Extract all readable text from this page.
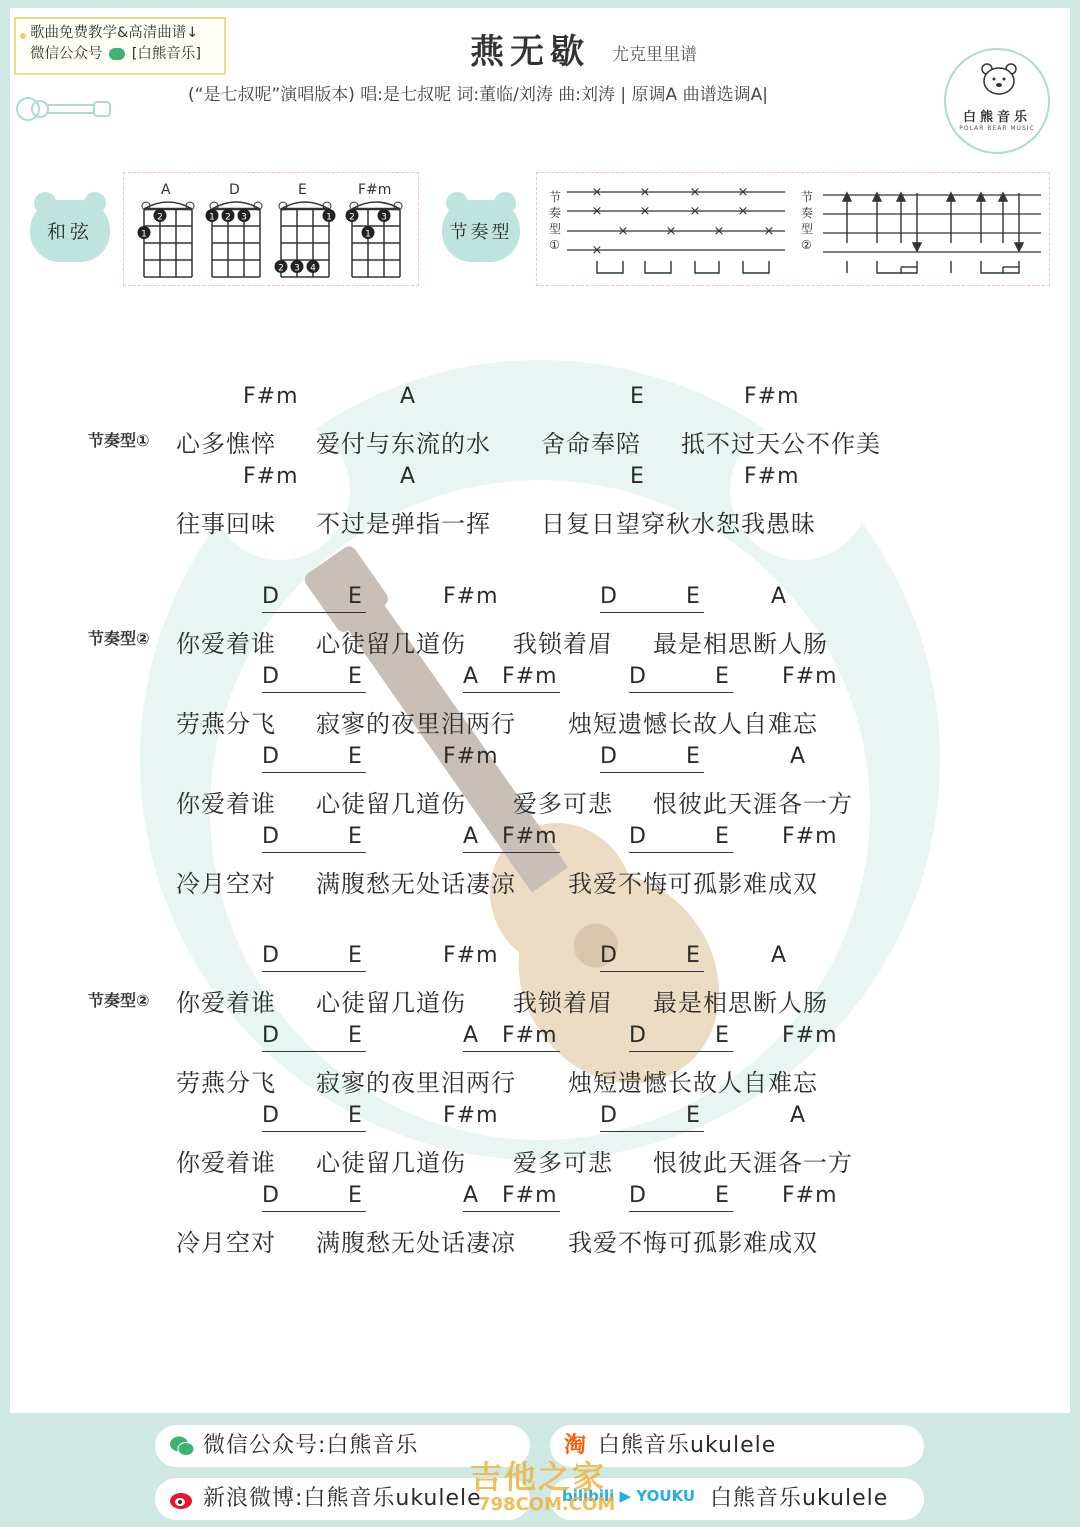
歌曲免费教学&高清曲谱↓
微信公众号 [白熊音乐]	燕无歇 尤克里里谱
(“是七叔呢”演唱版本) 唱:是七叔呢 词:董临/刘涛 曲:刘涛 | 原调A 曲谱选调A|
白熊音乐
POLAR BEAR MUSIC
和弦
2
1
1 2 3	1
2 3 4
2
1
3
A	D	E	F#m
节奏型
节
奏
型
①
节
奏
型
②
×	×	×	×
×	×	×	×
×	×	×	×
×
节奏型①
F#m	A	E	F#m
心多憔悴 爱付与东流的水 舍命奉陪 抵不过天公不作美
F#m	A	E	F#m
往事回味 不过是弹指一挥 日复日望穿秋水恕我愚昧
节奏型②
D	E	F#m	D	E	A
你爱着谁 心徒留几道伤 我锁着眉 最是相思断人肠
D	E	A F#m	D	E F#m
劳燕分飞 寂寥的夜里泪两行 烛短遗憾长故人自难忘
D	E	F#m	D	E	A
你爱着谁 心徒留几道伤 爱多可悲 恨彼此天涯各一方
D	E	A F#m	D	E F#m
冷月空对 满腹愁无处话凄凉 我爱不悔可孤影难成双
节奏型②
D	E	F#m	D	E	A
你爱着谁 心徒留几道伤 我锁着眉 最是相思断人肠
D	E	A F#m	D	E F#m
劳燕分飞 寂寥的夜里泪两行 烛短遗憾长故人自难忘
D	E	F#m	D	E	A
你爱着谁 心徒留几道伤 爱多可悲 恨彼此天涯各一方
D	E	A F#m	D	E F#m
冷月空对 满腹愁无处话凄凉 我爱不悔可孤影难成双
微信公众号:白熊音乐	淘 白熊音乐ukulele
新浪微博:白熊音乐ukulele	白熊音乐ukulele
bilibili ▶ YOUKU
吉他之家
798COM.COM
